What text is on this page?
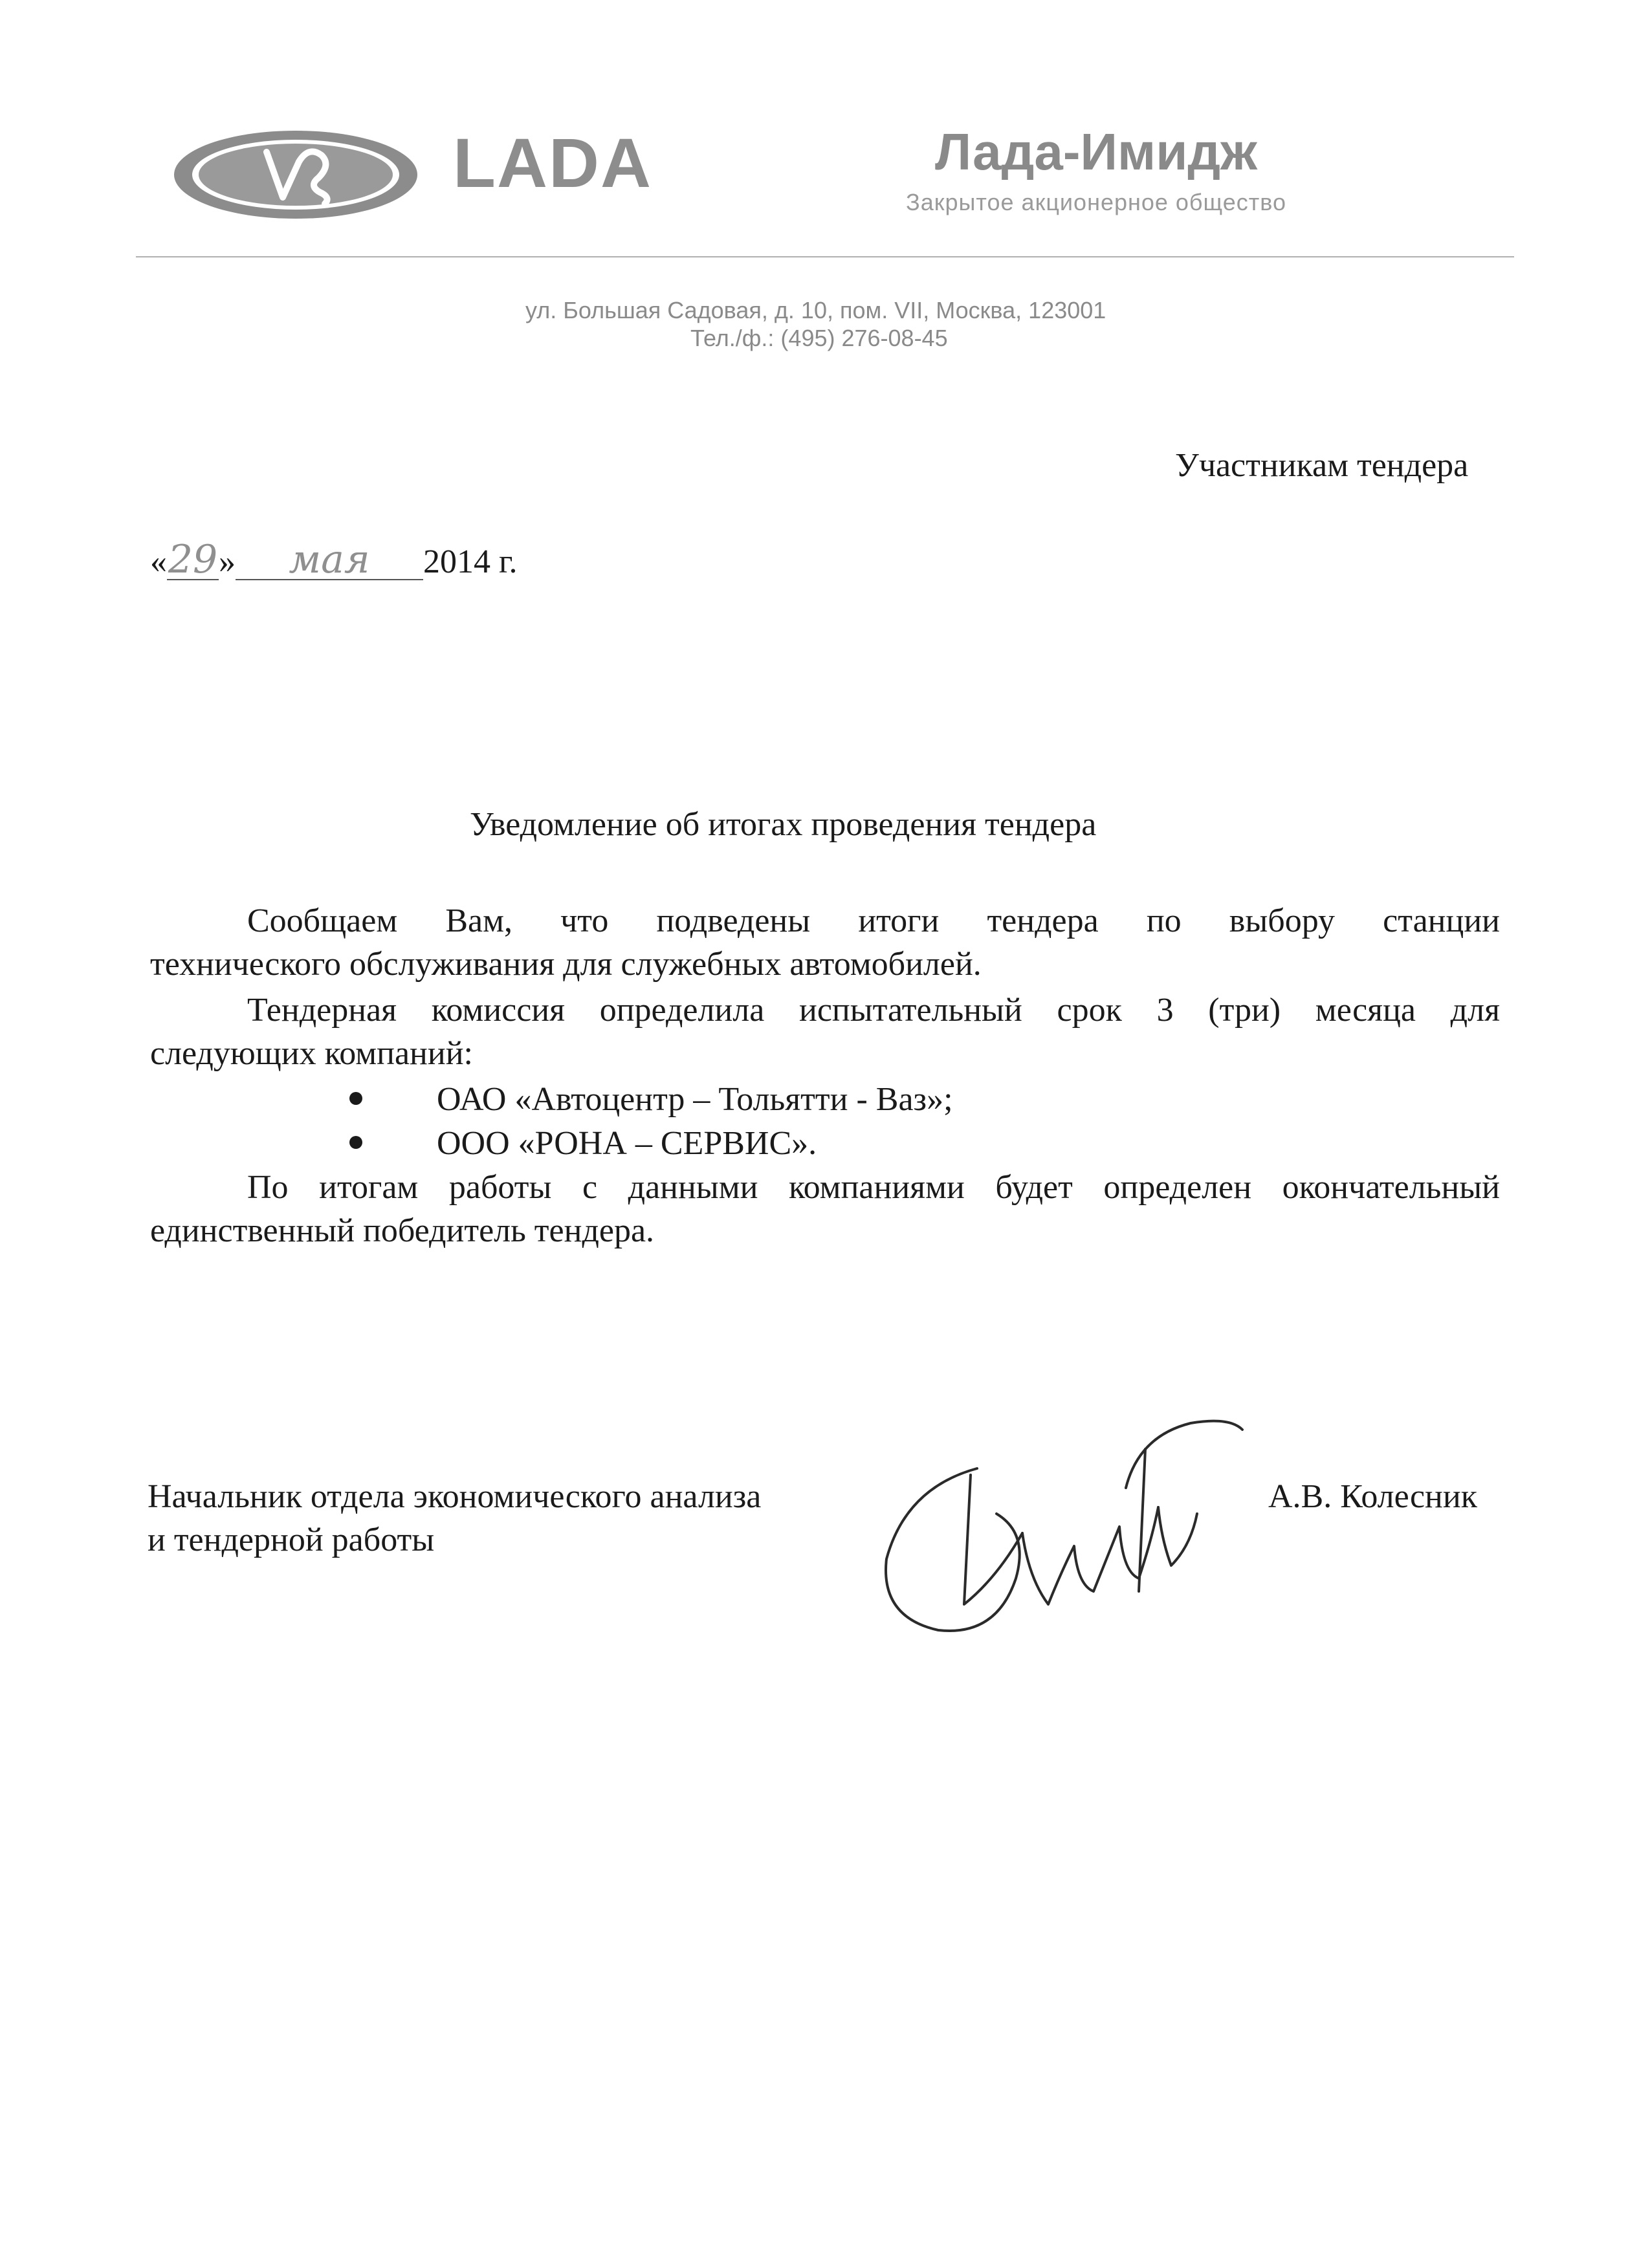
LADA	Лада-Имидж
Закрытое акционерное общество
ул. Большая Садовая, д. 10, пом. VII, Москва, 123001
Тел./ф.: (495) 276-08-45
Участникам тендера
«29» мая 2014 г.
Уведомление об итогах проведения тендера
Сообщаем Вам, что подведены итоги тендера по выбору станции
технического обслуживания для служебных автомобилей.
Тендерная комиссия определила испытательный срок 3 (три) месяца для
следующих компаний:
ОАО «Автоцентр – Тольятти - Ваз»;
ООО «РОНА – СЕРВИС».
По итогам работы с данными компаниями будет определен окончательный
единственный победитель тендера.
Начальник отдела экономического анализа
и тендерной работы
А.В. Колесник
